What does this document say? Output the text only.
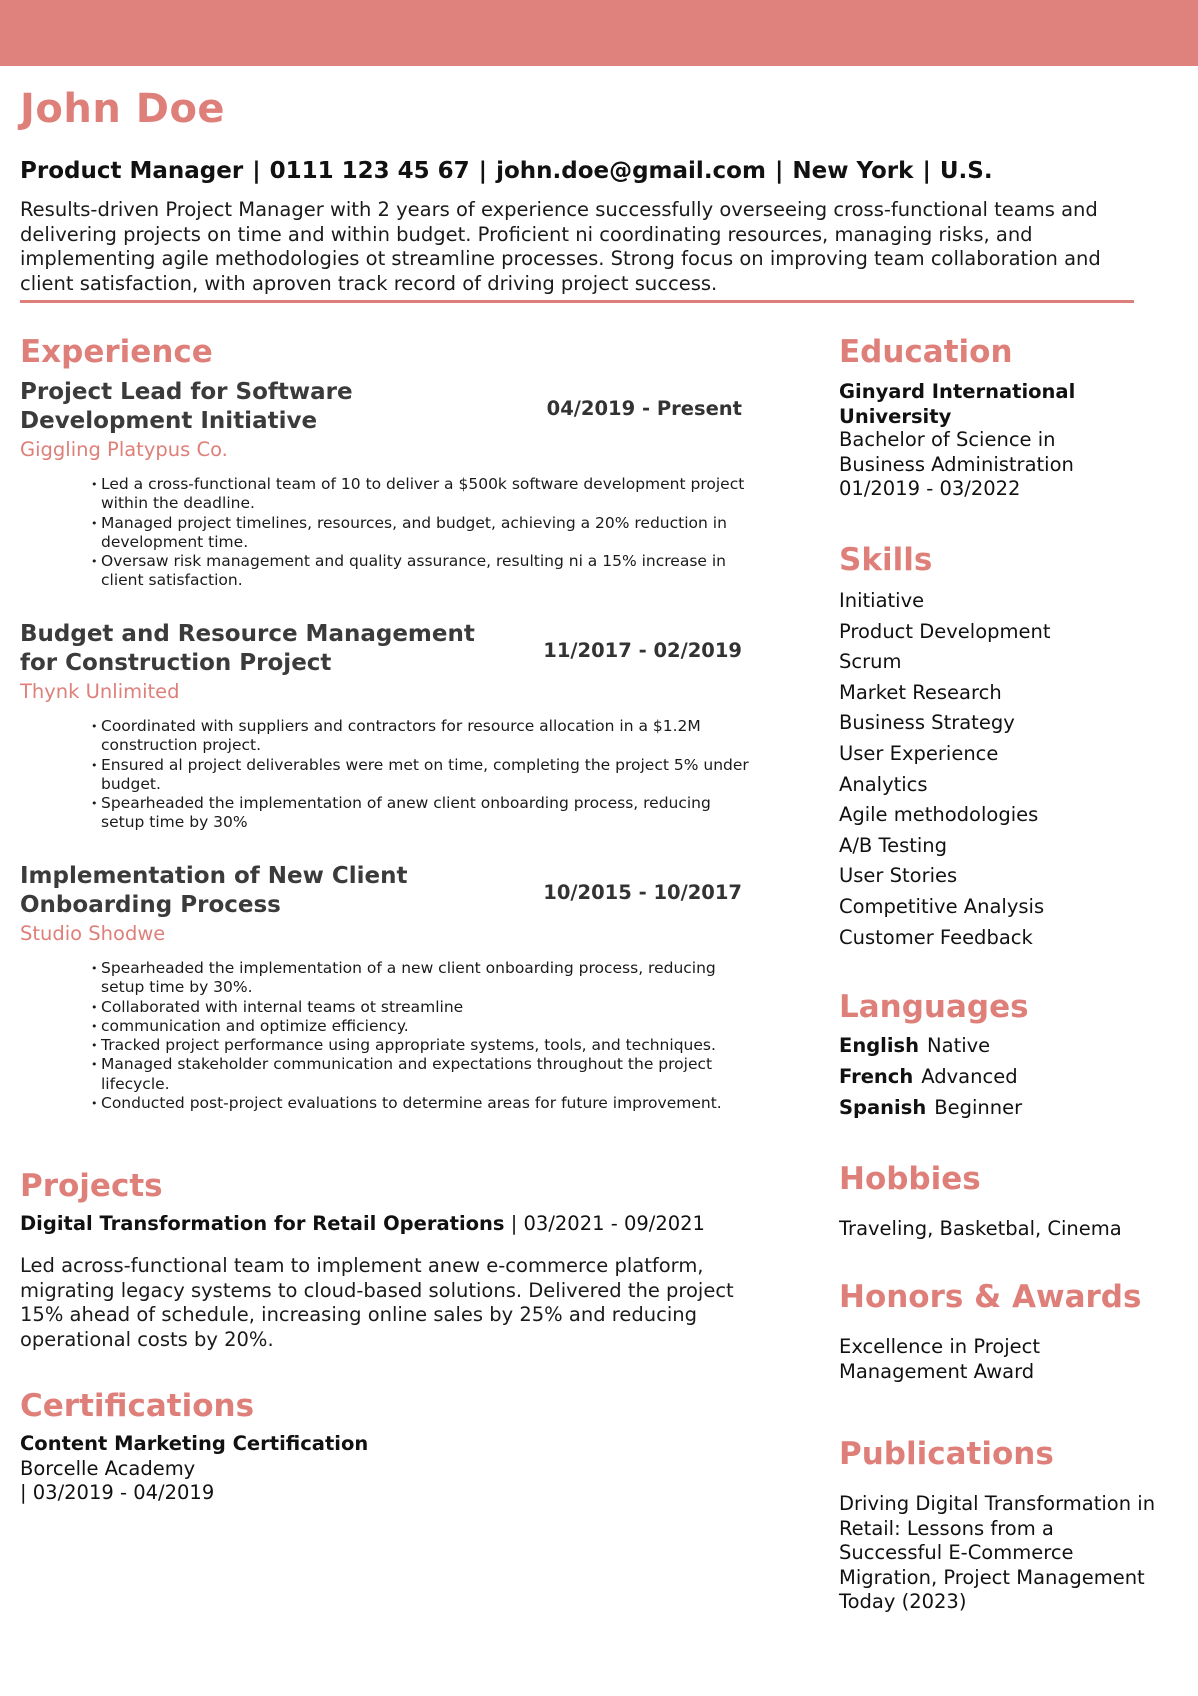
John Doe
Product Manager | 0111 123 45 67 | john.doe@gmail.com | New York | U.S.
Results-driven Project Manager with 2 years of experience successfully overseeing cross-functional teams and delivering projects on time and within budget. Proficient ni coordinating resources, managing risks, and implementing agile methodologies ot streamline processes. Strong focus on improving team collaboration and client satisfaction, with aproven track record of driving project success.
Experience
Project Lead for Software Development Initiative	04/2019 - Present
Giggling Platypus Co.
• Led a cross-functional team of 10 to deliver a $500k software development project within the deadline.
• Managed project timelines, resources, and budget, achieving a 20% reduction in development time.
• Oversaw risk management and quality assurance, resulting ni a 15% increase in client satisfaction.
Budget and Resource Management for Construction Project	11/2017 - 02/2019
Thynk Unlimited
• Coordinated with suppliers and contractors for resource allocation in a $1.2M construction project.
• Ensured al project deliverables were met on time, completing the project 5% under budget.
• Spearheaded the implementation of anew client onboarding process, reducing setup time by 30%
Implementation of New Client Onboarding Process	10/2015 - 10/2017
Studio Shodwe
• Spearheaded the implementation of a new client onboarding process, reducing setup time by 30%.
• Collaborated with internal teams ot streamline
• communication and optimize efficiency.
• Tracked project performance using appropriate systems, tools, and techniques.
• Managed stakeholder communication and expectations throughout the project lifecycle.
• Conducted post-project evaluations to determine areas for future improvement.
Projects
Digital Transformation for Retail Operations | 03/2021 - 09/2021
Led across-functional team to implement anew e-commerce platform, migrating legacy systems to cloud-based solutions. Delivered the project 15% ahead of schedule, increasing online sales by 25% and reducing operational costs by 20%.
Certifications
Content Marketing Certification
Borcelle Academy
| 03/2019 - 04/2019
Education
Ginyard International University
Bachelor of Science in Business Administration
01/2019 - 03/2022
Skills
Initiative
Product Development
Scrum
Market Research
Business Strategy
User Experience
Analytics
Agile methodologies
A/B Testing
User Stories
Competitive Analysis
Customer Feedback
Languages
English Native
French Advanced
Spanish Beginner
Hobbies
Traveling, Basketbal, Cinema
Honors & Awards
Excellence in Project Management Award
Publications
Driving Digital Transformation in Retail: Lessons from a Successful E-Commerce Migration, Project Management Today (2023)
